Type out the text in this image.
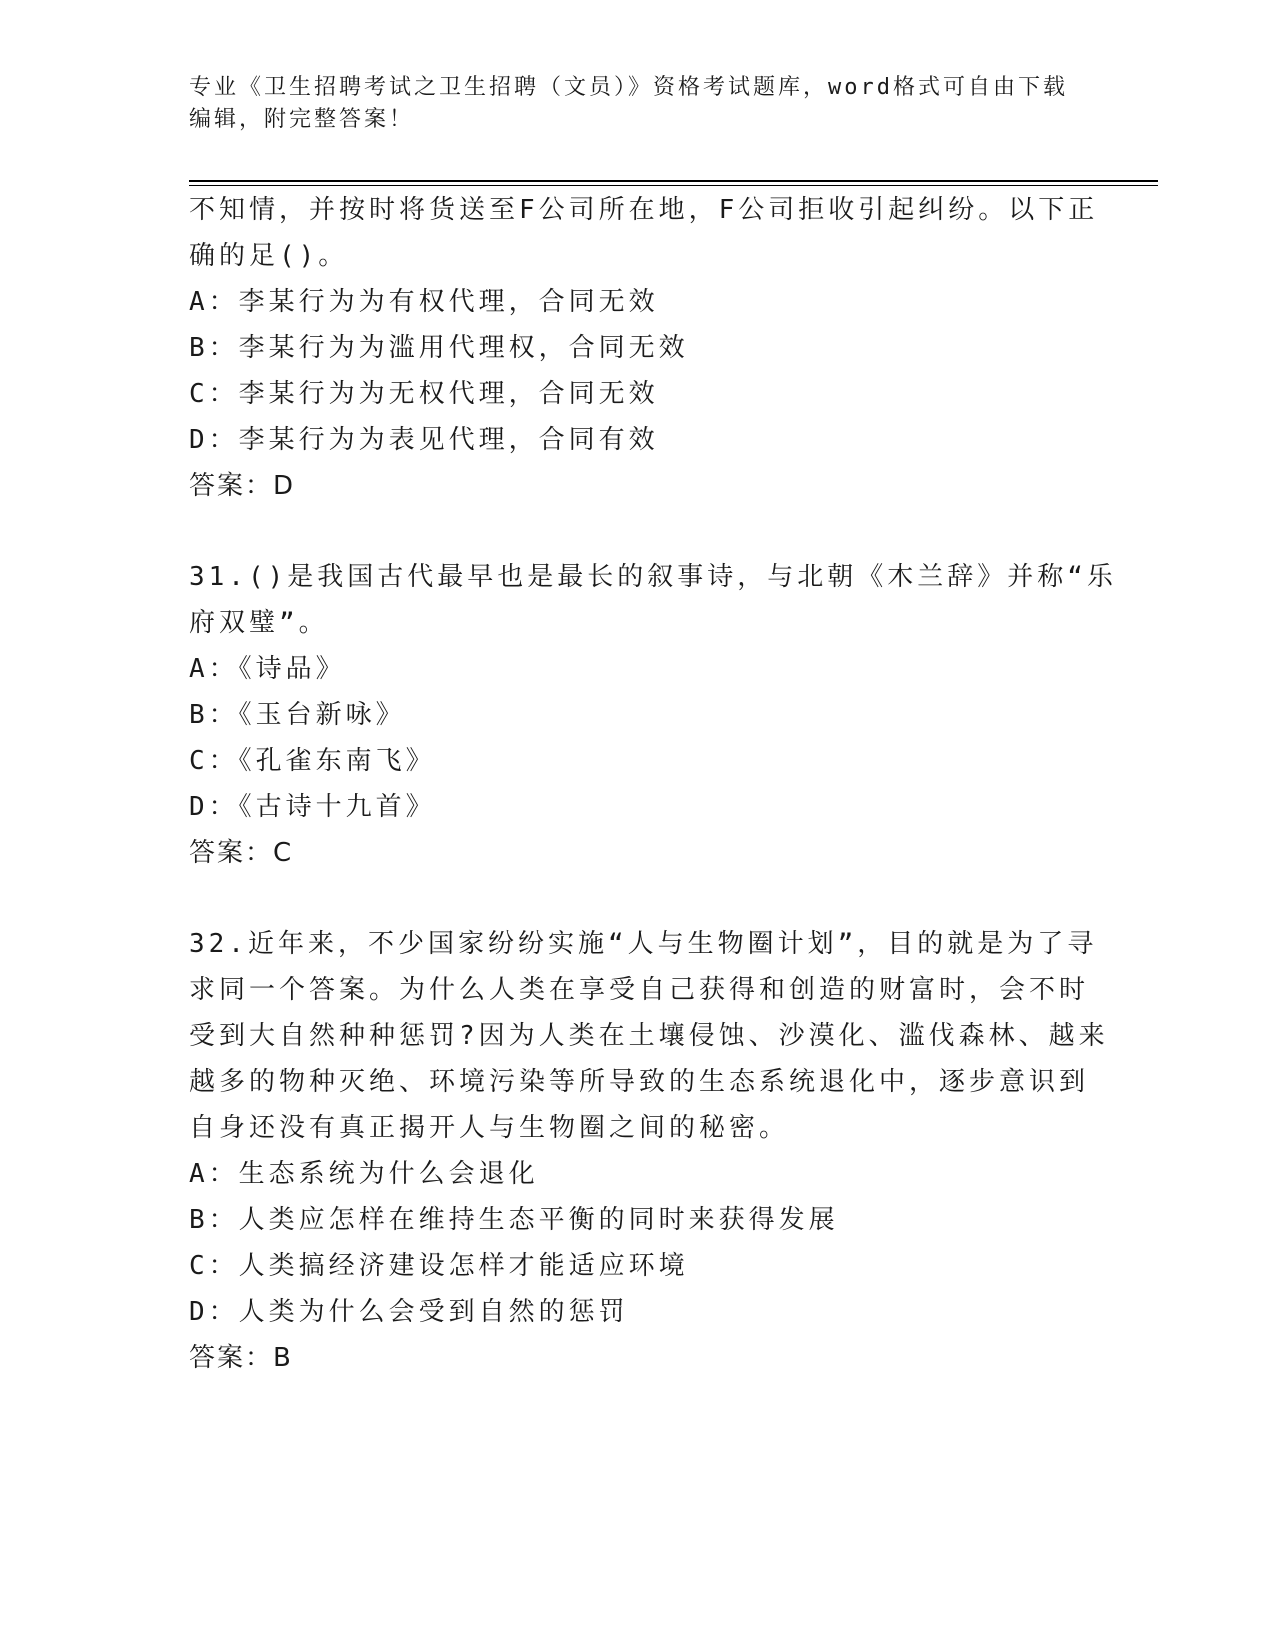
专业《卫生招聘考试之卫生招聘（文员）》资格考试题库，word格式可自由下载
编辑，附完整答案！
不知情，并按时将货送至F公司所在地，F公司拒收引起纠纷。以下正
确的足()。
A：李某行为为有权代理，合同无效
B：李某行为为滥用代理权，合同无效
C：李某行为为无权代理，合同无效
D：李某行为为表见代理，合同有效
答案：D
31.()是我国古代最早也是最长的叙事诗，与北朝《木兰辞》并称“乐
府双璧”。
A：《诗品》
B：《玉台新咏》
C：《孔雀东南飞》
D：《古诗十九首》
答案：C
32.近年来，不少国家纷纷实施“人与生物圈计划”，目的就是为了寻
求同一个答案。为什么人类在享受自己获得和创造的财富时，会不时
受到大自然种种惩罚?因为人类在土壤侵蚀、沙漠化、滥伐森林、越来
越多的物种灭绝、环境污染等所导致的生态系统退化中，逐步意识到
自身还没有真正揭开人与生物圈之间的秘密。
A：生态系统为什么会退化
B：人类应怎样在维持生态平衡的同时来获得发展
C：人类搞经济建设怎样才能适应环境
D：人类为什么会受到自然的惩罚
答案：B
